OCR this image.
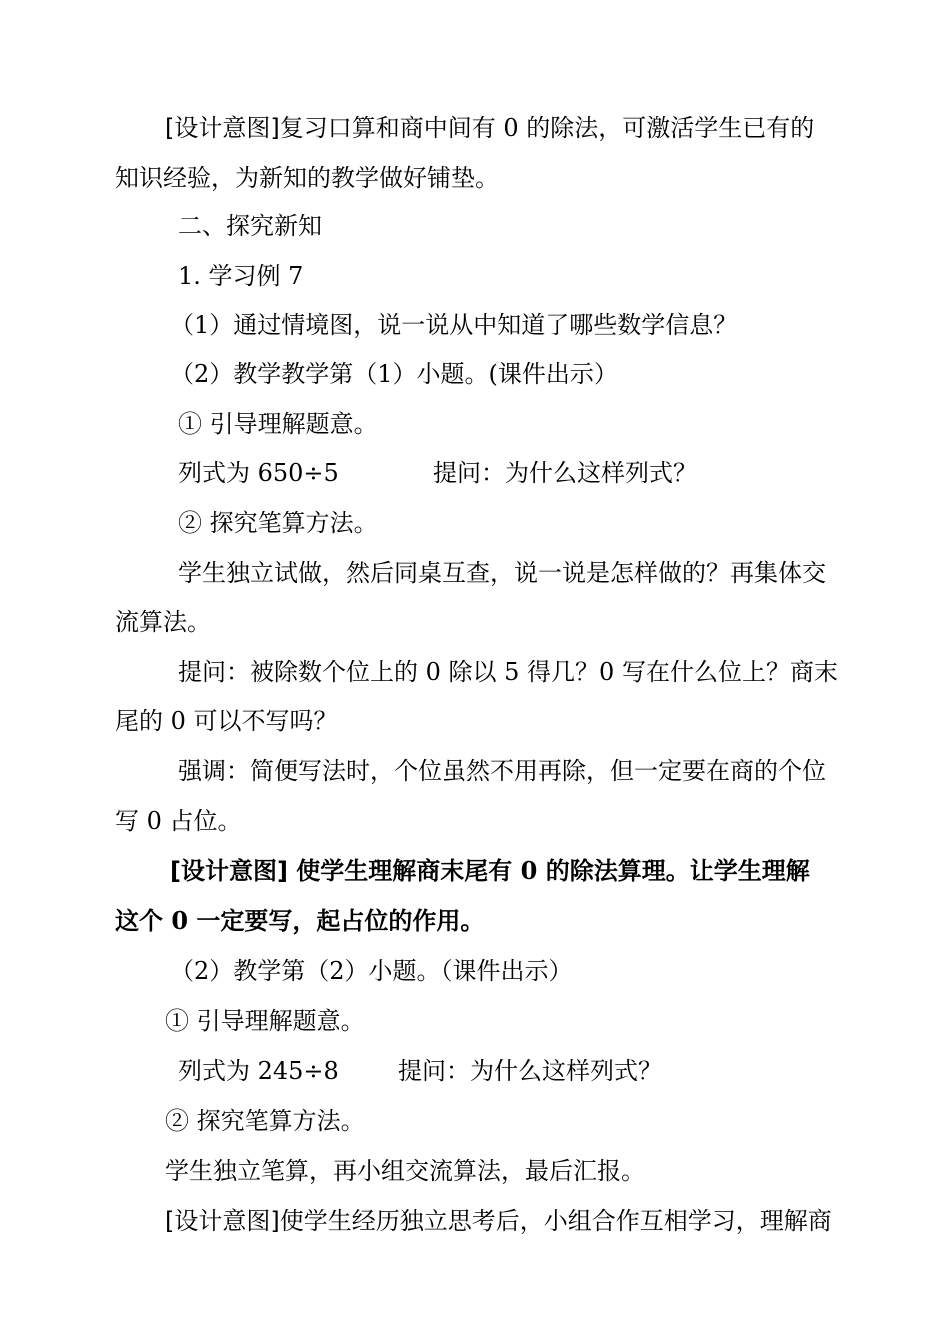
[设计意图]复习口算和商中间有 0 的除法，可激活学生已有的
知识经验，为新知的教学做好铺垫。
二、探究新知
1. 学习例 7
（1）通过情境图，说一说从中知道了哪些数学信息？
（2）教学教学第（1）小题。(课件出示）
① 引导理解题意。
列式为 650÷5	提问：为什么这样列式？
② 探究笔算方法。
学生独立试做，然后同桌互查，说一说是怎样做的？再集体交
流算法。
提问：被除数个位上的 0 除以 5 得几？0 写在什么位上？商末
尾的 0 可以不写吗？
强调：简便写法时，个位虽然不用再除，但一定要在商的个位
写 0 占位。
[设计意图] 使学生理解商末尾有 0 的除法算理。让学生理解
这个 0 一定要写，起占位的作用。
（2）教学第（2）小题。（课件出示）
① 引导理解题意。
列式为 245÷8 提问：为什么这样列式？
② 探究笔算方法。
学生独立笔算，再小组交流算法，最后汇报。
[设计意图]使学生经历独立思考后，小组合作互相学习，理解商
